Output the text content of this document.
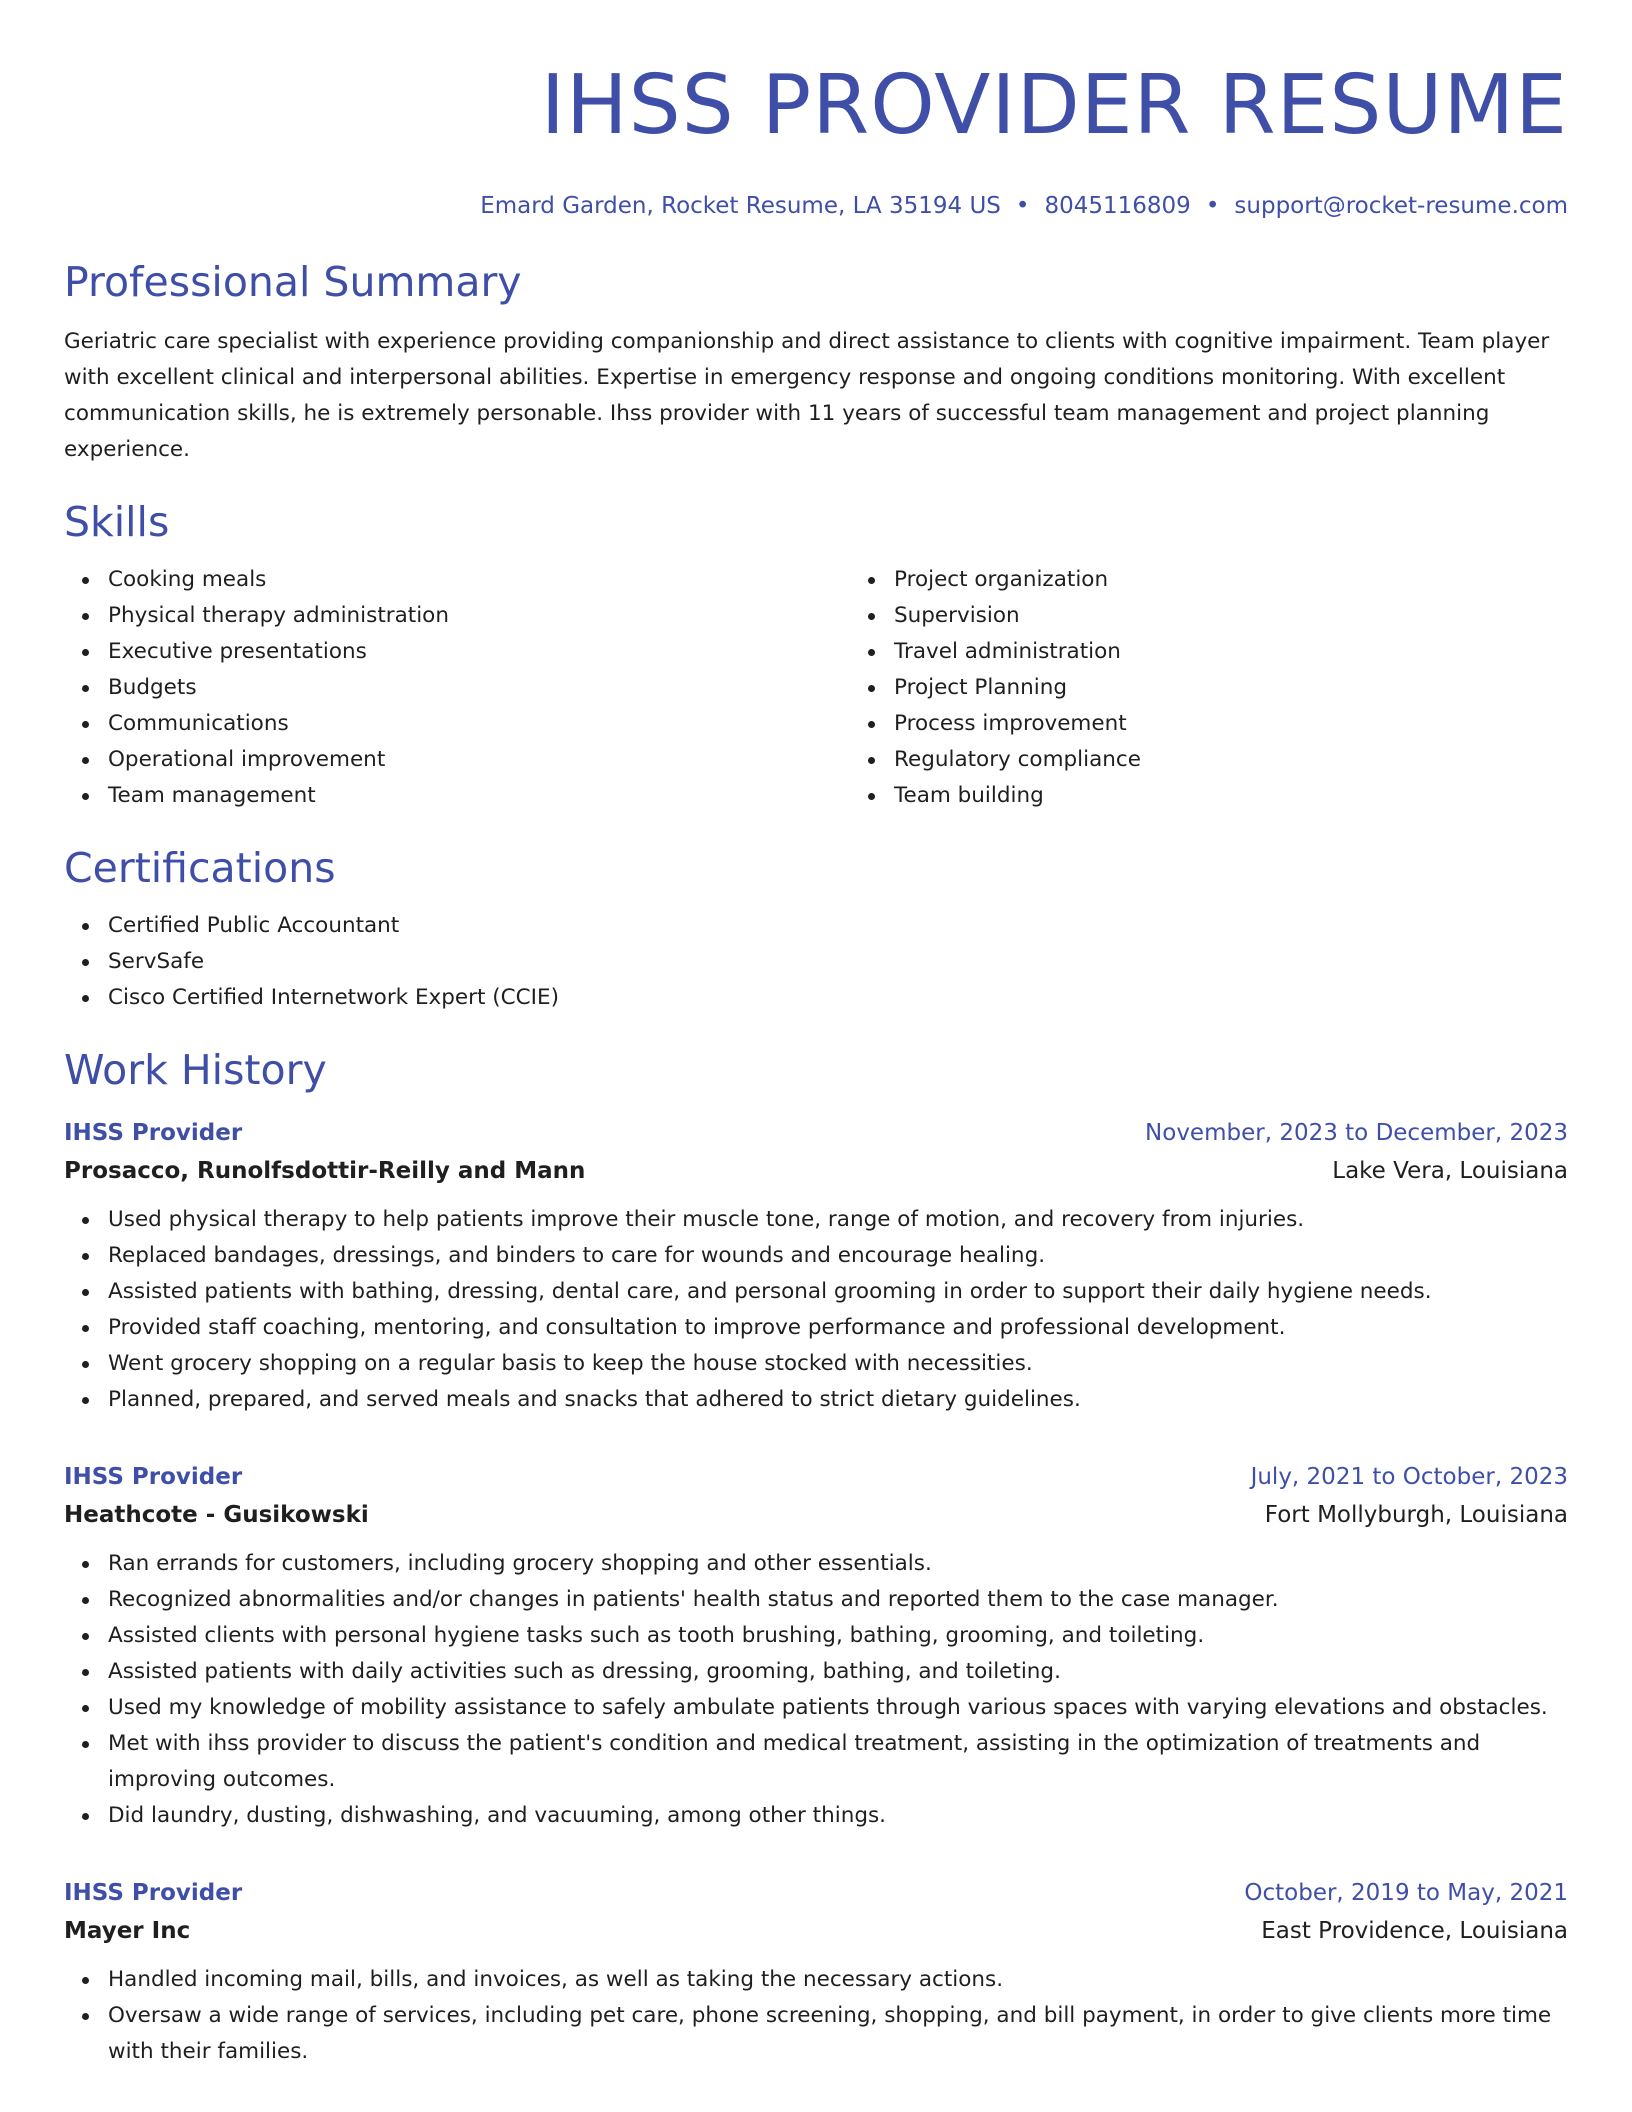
IHSS PROVIDER RESUME
Emard Garden, Rocket Resume, LA 35194 US • 8045116809 • support@rocket-resume.com
Professional Summary

Geriatric care specialist with experience providing companionship and direct assistance to clients with cognitive impairment. Team player with excellent clinical and interpersonal abilities. Expertise in emergency response and ongoing conditions monitoring. With excellent communication skills, he is extremely personable. Ihss provider with 11 years of successful team management and project planning experience.

Skills
Cooking meals
Physical therapy administration
Executive presentations
Budgets
Communications
Operational improvement
Team management
Project organization
Supervision
Travel administration
Project Planning
Process improvement
Regulatory compliance
Team building
Certifications
Certified Public Accountant
ServSafe
Cisco Certified Internetwork Expert (CCIE)
Work History
IHSS Provider	November, 2023 to December, 2023
Prosacco, Runolfsdottir-Reilly and Mann	Lake Vera, Louisiana
Used physical therapy to help patients improve their muscle tone, range of motion, and recovery from injuries.
Replaced bandages, dressings, and binders to care for wounds and encourage healing.
Assisted patients with bathing, dressing, dental care, and personal grooming in order to support their daily hygiene needs.
Provided staff coaching, mentoring, and consultation to improve performance and professional development.
Went grocery shopping on a regular basis to keep the house stocked with necessities.
Planned, prepared, and served meals and snacks that adhered to strict dietary guidelines.
IHSS Provider	July, 2021 to October, 2023
Heathcote - Gusikowski	Fort Mollyburgh, Louisiana
Ran errands for customers, including grocery shopping and other essentials.
Recognized abnormalities and/or changes in patients' health status and reported them to the case manager.
Assisted clients with personal hygiene tasks such as tooth brushing, bathing, grooming, and toileting.
Assisted patients with daily activities such as dressing, grooming, bathing, and toileting.
Used my knowledge of mobility assistance to safely ambulate patients through various spaces with varying elevations and obstacles.
Met with ihss provider to discuss the patient's condition and medical treatment, assisting in the optimization of treatments and improving outcomes.
Did laundry, dusting, dishwashing, and vacuuming, among other things.
IHSS Provider	October, 2019 to May, 2021
Mayer Inc	East Providence, Louisiana
Handled incoming mail, bills, and invoices, as well as taking the necessary actions.
Oversaw a wide range of services, including pet care, phone screening, shopping, and bill payment, in order to give clients more time with their families.
